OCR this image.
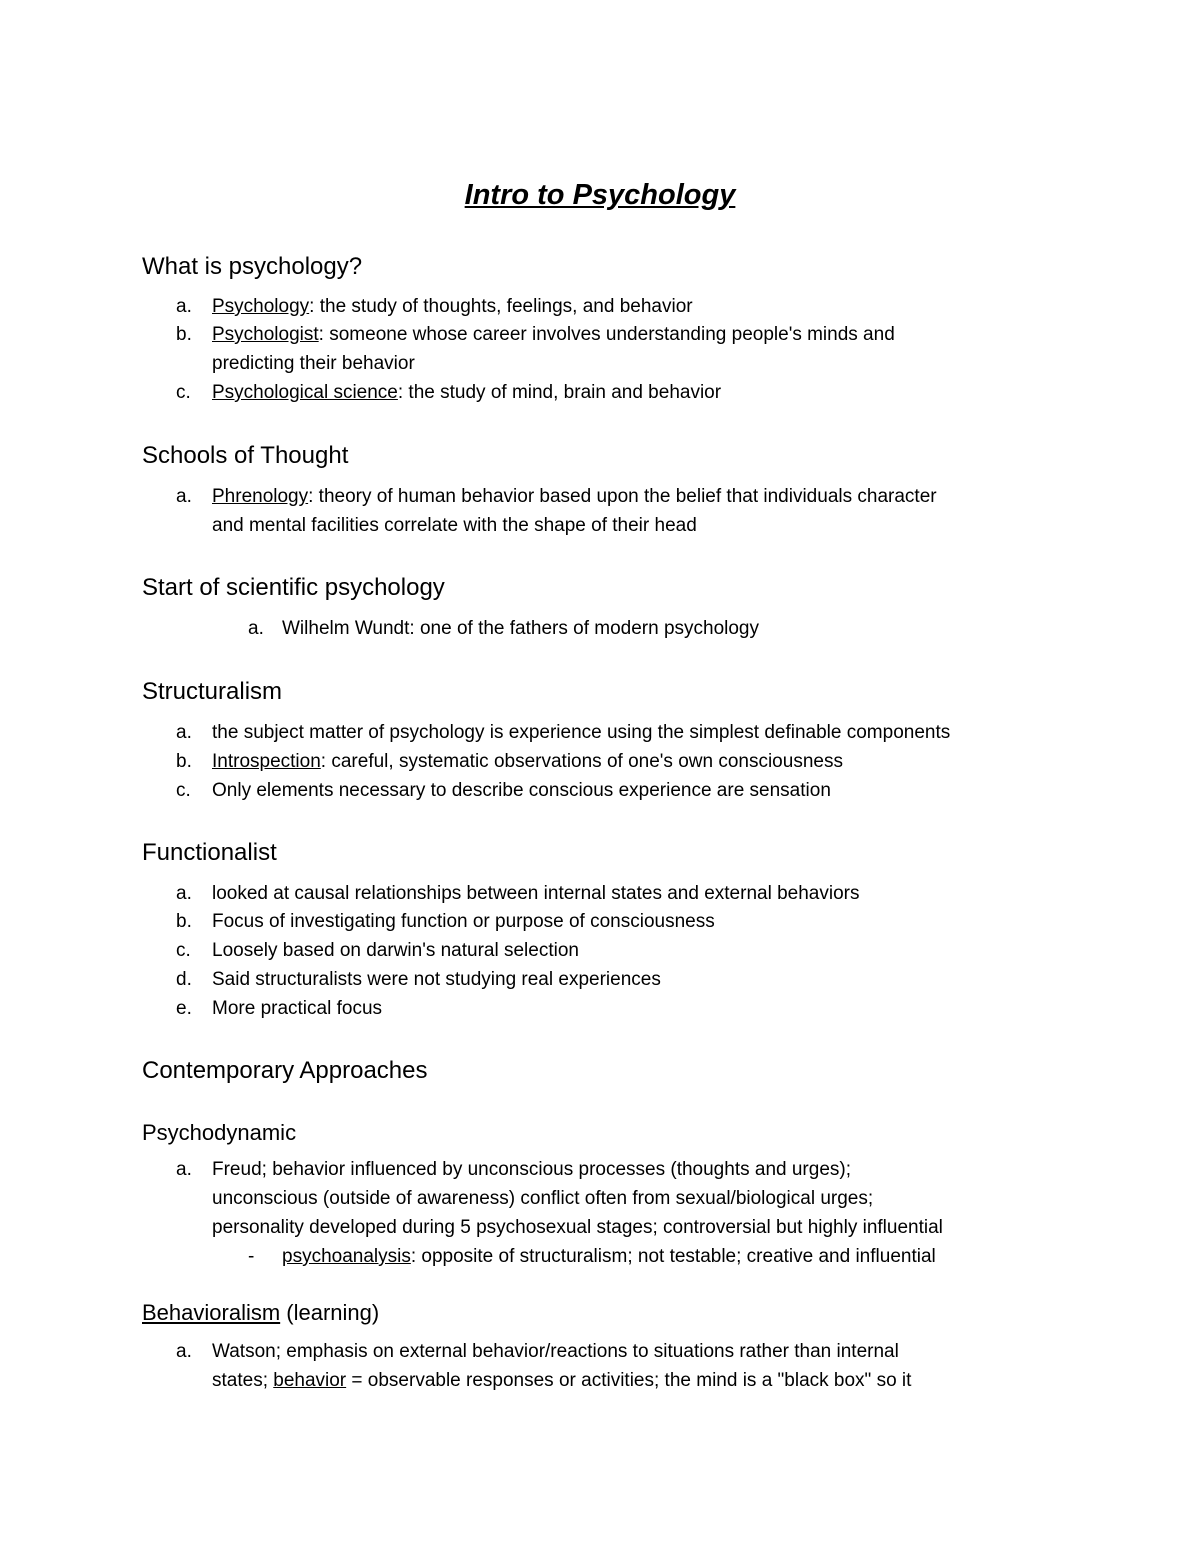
Intro to Psychology
What is psychology?
a. Psychology: the study of thoughts, feelings, and behavior
b. Psychologist: someone whose career involves understanding people's minds and
predicting their behavior
c. Psychological science: the study of mind, brain and behavior
Schools of Thought
a. Phrenology: theory of human behavior based upon the belief that individuals character
and mental facilities correlate with the shape of their head
Start of scientific psychology
a. Wilhelm Wundt: one of the fathers of modern psychology
Structuralism
a. the subject matter of psychology is experience using the simplest definable components
b. Introspection: careful, systematic observations of one's own consciousness
c. Only elements necessary to describe conscious experience are sensation
Functionalist
a. looked at causal relationships between internal states and external behaviors
b. Focus of investigating function or purpose of consciousness
c. Loosely based on darwin's natural selection
d. Said structuralists were not studying real experiences
e. More practical focus
Contemporary Approaches
Psychodynamic
a. Freud; behavior influenced by unconscious processes (thoughts and urges);
unconscious (outside of awareness) conflict often from sexual/biological urges;
personality developed during 5 psychosexual stages; controversial but highly influential
- psychoanalysis: opposite of structuralism; not testable; creative and influential
Behavioralism (learning)
a. Watson; emphasis on external behavior/reactions to situations rather than internal
states; behavior = observable responses or activities; the mind is a "black box" so it
